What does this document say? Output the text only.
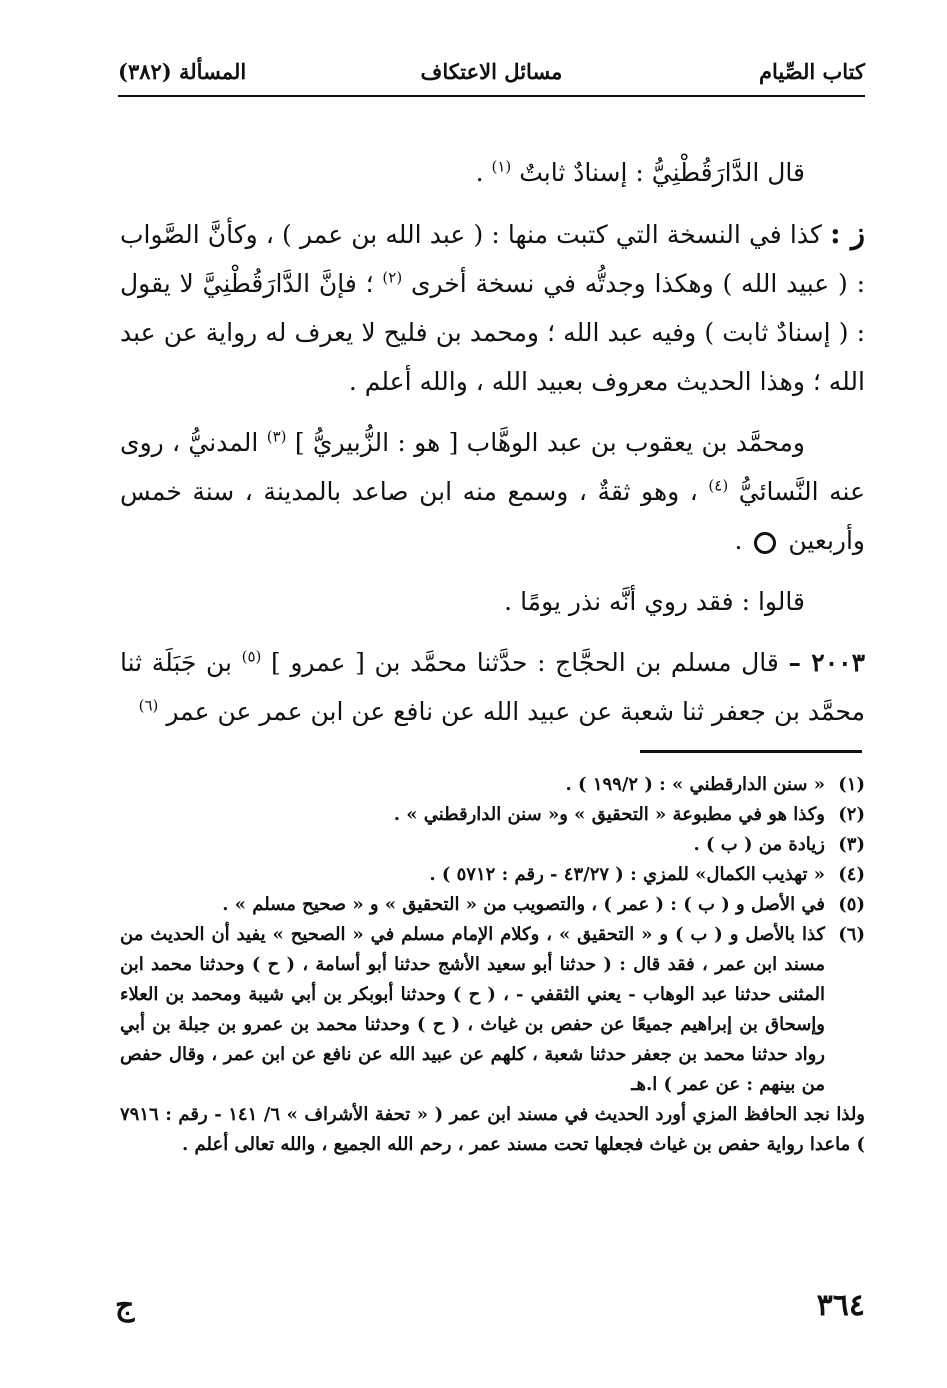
كتاب الصِّيام
مسائل الاعتكاف
المسألة (٣٨٢)

قال الدَّارَقُطْنِيُّ : إسنادٌ ثابتٌ $^{(١)}$ .

ز : كذا في النسخة التي كتبت منها : ( عبد الله بن عمر ) ، وكأنَّ الصَّواب : ( عبيد الله ) وهكذا وجدتُّه في نسخة أخرى $^{(٢)}$ ؛ فإنَّ الدَّارَقُطْنِيَّ لا يقول : ( إسنادٌ ثابت ) وفيه عبد الله ؛ ومحمد بن فليح لا يعرف له رواية عن عبد الله ؛ وهذا الحديث معروف بعبيد الله ، والله أعلم .

ومحمَّد بن يعقوب بن عبد الوهَّاب [ هو : الزُّبيريُّ ] $^{(٣)}$ المدنيُّ ، روى عنه النَّسائيُّ $^{(٤)}$ ، وهو ثقةٌ ، وسمع منه ابن صاعد بالمدينة ، سنة خمس وأربعين  .

قالوا : فقد روي أنَّه نذر يومًا .

٢٠٠٣ – قال مسلم بن الحجَّاج : حدَّثنا محمَّد بن [ عمرو ] $^{(٥)}$ بن جَبَلَة ثنا محمَّد بن جعفر ثنا شعبة عن عبيد الله عن نافع عن ابن عمر عن عمر $^{(٦)}$

(١)
« سنن الدارقطني » : ( ١٩٩/٢ ) .

(٢)
وكذا هو في مطبوعة « التحقيق » و« سنن الدارقطني » .

(٣)
زيادة من ( ب ) .

(٤)
« تهذيب الكمال» للمزي : ( ٤٣/٢٧ - رقم : ٥٧١٢ ) .

(٥)
في الأصل و ( ب ) : ( عمر ) ، والتصويب من « التحقيق » و « صحيح مسلم » .

(٦)
كذا بالأصل و ( ب ) و « التحقيق » ، وكلام الإمام مسلم في « الصحيح » يفيد أن الحديث من مسند ابن عمر ، فقد قال : ( حدثنا أبو سعيد الأشج حدثنا أبو أسامة ، ( ح ) وحدثنا محمد ابن المثنى حدثنا عبد الوهاب - يعني الثقفي - ، ( ح ) وحدثنا أبوبكر بن أبي شيبة ومحمد بن العلاء وإسحاق بن إبراهيم جميعًا عن حفص بن غياث ، ( ح ) وحدثنا محمد بن عمرو بن جبلة بن أبي رواد حدثنا محمد بن جعفر حدثنا شعبة ، كلهم عن عبيد الله عن نافع عن ابن عمر ، وقال حفص من بينهم : عن عمر ) ا.هـ

ولذا نجد الحافظ المزي أورد الحديث في مسند ابن عمر ( « تحفة الأشراف » ٦/ ١٤١ - رقم : ٧٩١٦ ) ماعدا رواية حفص بن غياث فجعلها تحت مسند عمر ، رحم الله الجميع ، والله تعالى أعلم .

٣٦٤
ج
